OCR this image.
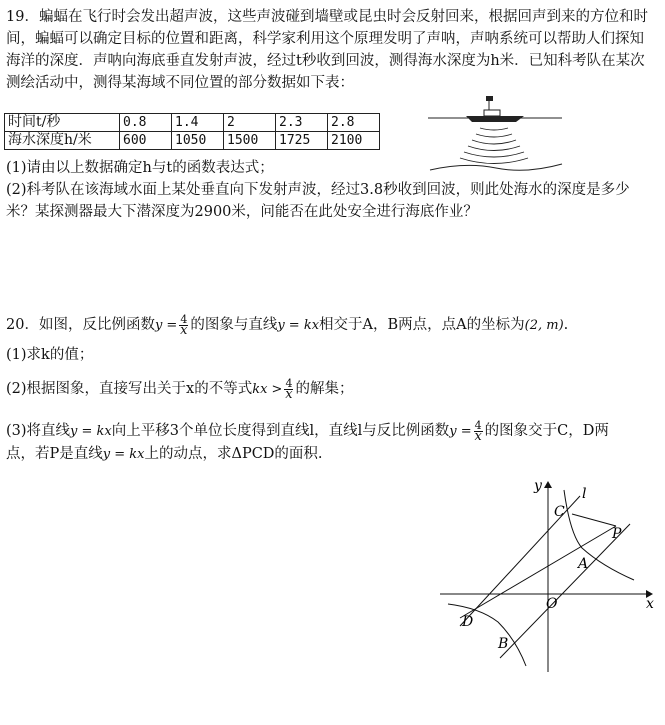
19．蝙蝠在飞行时会发出超声波，这些声波碰到墙壁或昆虫时会反射回来，根据回声到来的方位和时间，蝙蝠可以确定目标的位置和距离，科学家利用这个原理发明了声呐，声呐系统可以帮助人们探知海洋的深度．声呐向海底垂直发射声波，经过t秒收到回波，测得海水深度为h米．已知科考队在某次测绘活动中，测得某海域不同位置的部分数据如下表：
时间t/秒	0.8	1.4	2	2.3	2.8
海水深度h/米	600	1050	1500	1725	2100
(1)请由以上数据确定h与t的函数表达式；
(2)科考队在该海域水面上某处垂直向下发射声波，经过3.8秒收到回波，则此处海水的深度是多少米？某探测器最大下潜深度为2900米，问能否在此处安全进行海底作业？
20．如图，反比例函数$y = \frac{4}{x}$ 的图象与直线y = kx相交于A，B两点，点A的坐标为(2, m).
(1)求k的值；
(2)根据图象，直接写出关于x的不等式kx > $\frac{4}{x}$ 的解集；
(3)将直线y = kx向上平移3个单位长度得到直线l，直线l与反比例函数$y = \frac{4}{x}$ 的图象交于C，D两
点，若P是直线y = kx上的动点，求ΔPCD的面积.
y
x
O
l
C
P
A
D
B
